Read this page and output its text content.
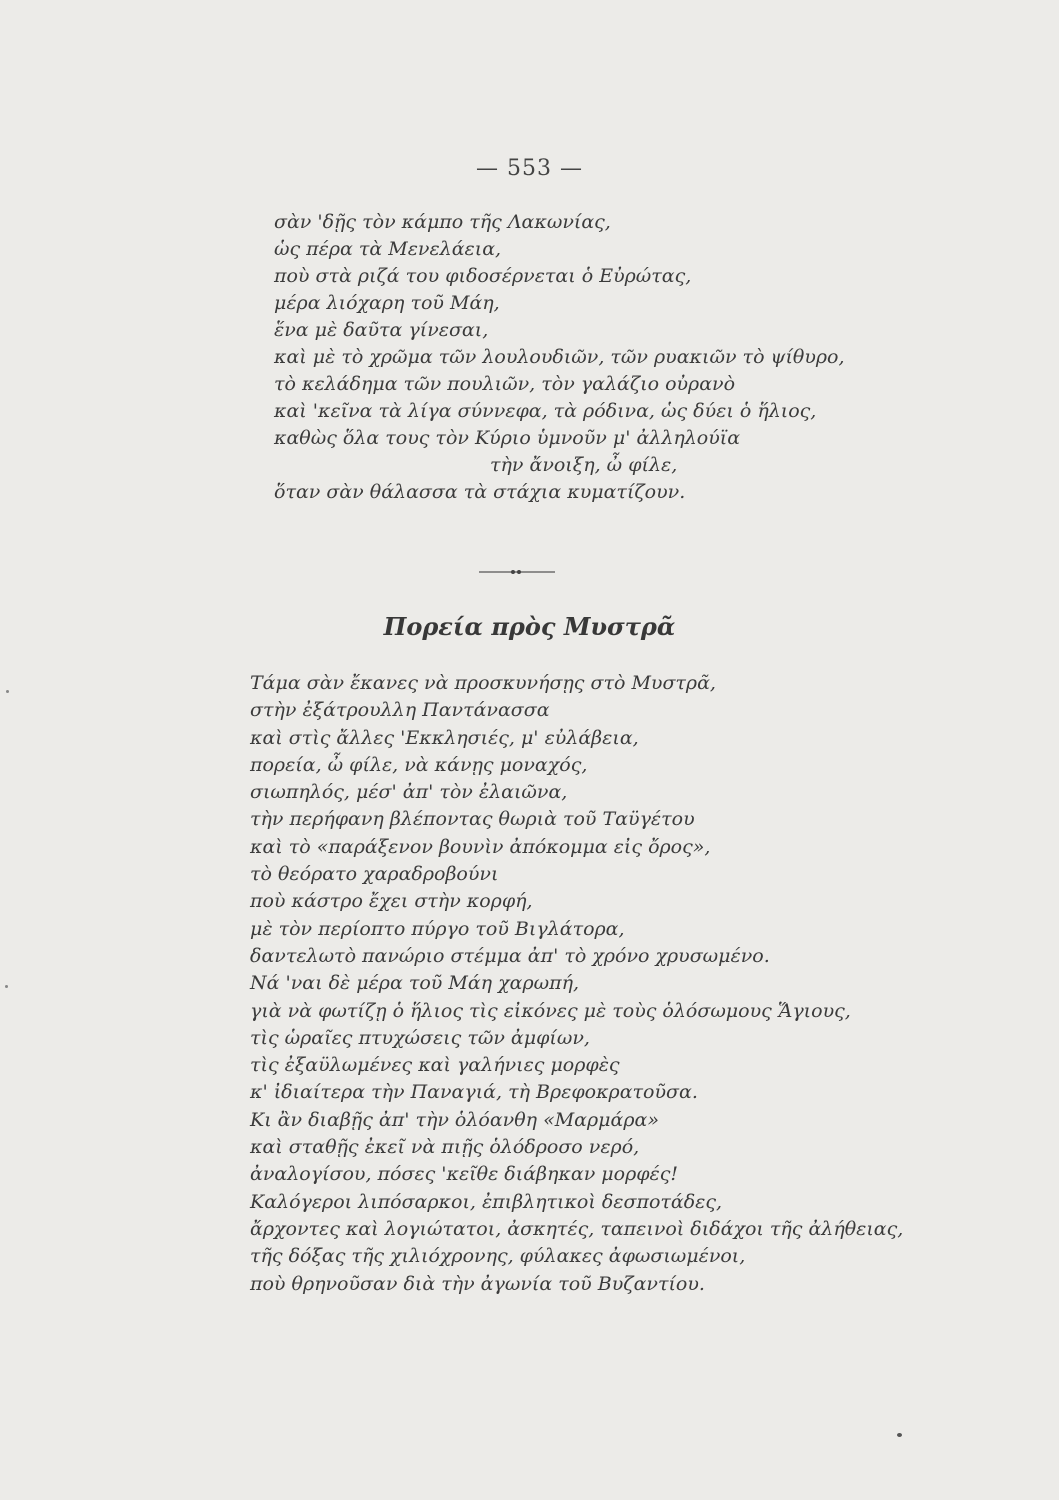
— 553 —
σὰν 'δῇς τὸν κάμπο τῆς Λακωνίας,
ὡς πέρα τὰ Μενελάεια,
ποὺ στὰ ριζά του φιδοσέρνεται ὁ Εὐρώτας,
μέρα λιόχαρη τοῦ Μάη,
ἕνα μὲ δαῦτα γίνεσαι,
καὶ μὲ τὸ χρῶμα τῶν λουλουδιῶν, τῶν ρυακιῶν τὸ ψίθυρο,
τὸ κελάδημα τῶν πουλιῶν, τὸν γαλάζιο οὐρανὸ
καὶ 'κεῖνα τὰ λίγα σύννεφα, τὰ ρόδινα, ὡς δύει ὁ ἥλιος,
καθὼς ὅλα τους τὸν Κύριο ὑμνοῦν μ' ἀλληλούϊα
τὴν ἄνοιξη, ὦ φίλε,
ὅταν σὰν θάλασσα τὰ στάχια κυματίζουν.
Πορεία πρὸς Μυστρᾶ
Τάμα σὰν ἔκανες νὰ προσκυνήσῃς στὸ Μυστρᾶ,
στὴν ἐξάτρουλλη Παντάνασσα
καὶ στὶς ἄλλες 'Εκκλησιές, μ' εὐλάβεια,
πορεία, ὦ φίλε, νὰ κάνῃς μοναχός,
σιωπηλός, μέσ' ἀπ' τὸν ἐλαιῶνα,
τὴν περήφανη βλέποντας θωριὰ τοῦ Ταϋγέτου
καὶ τὸ «παράξενον βουνὶν ἀπόκομμα εἰς ὄρος»,
τὸ θεόρατο χαραδροβούνι
ποὺ κάστρο ἔχει στὴν κορφή,
μὲ τὸν περίοπτο πύργο τοῦ Βιγλάτορα,
δαντελωτὸ πανώριο στέμμα ἀπ' τὸ χρόνο χρυσωμένο.
Νά 'ναι δὲ μέρα τοῦ Μάη χαρωπή,
γιὰ νὰ φωτίζῃ ὁ ἥλιος τὶς εἰκόνες μὲ τοὺς ὁλόσωμους Ἅγιους,
τὶς ὡραῖες πτυχώσεις τῶν ἀμφίων,
τὶς ἐξαϋλωμένες καὶ γαλήνιες μορφὲς
κ' ἰδιαίτερα τὴν Παναγιά, τὴ Βρεφοκρατοῦσα.
Κι ἂν διαβῇς ἀπ' τὴν ὁλόανθη «Μαρμάρα»
καὶ σταθῇς ἐκεῖ νὰ πιῇς ὁλόδροσο νερό,
ἀναλογίσου, πόσες 'κεῖθε διάβηκαν μορφές!
Καλόγεροι λιπόσαρκοι, ἐπιβλητικοὶ δεσποτάδες,
ἄρχοντες καὶ λογιώτατοι, ἀσκητές, ταπεινοὶ διδάχοι τῆς ἀλήθειας,
τῆς δόξας τῆς χιλιόχρονης, φύλακες ἀφωσιωμένοι,
ποὺ θρηνοῦσαν διὰ τὴν ἀγωνία τοῦ Βυζαντίου.
